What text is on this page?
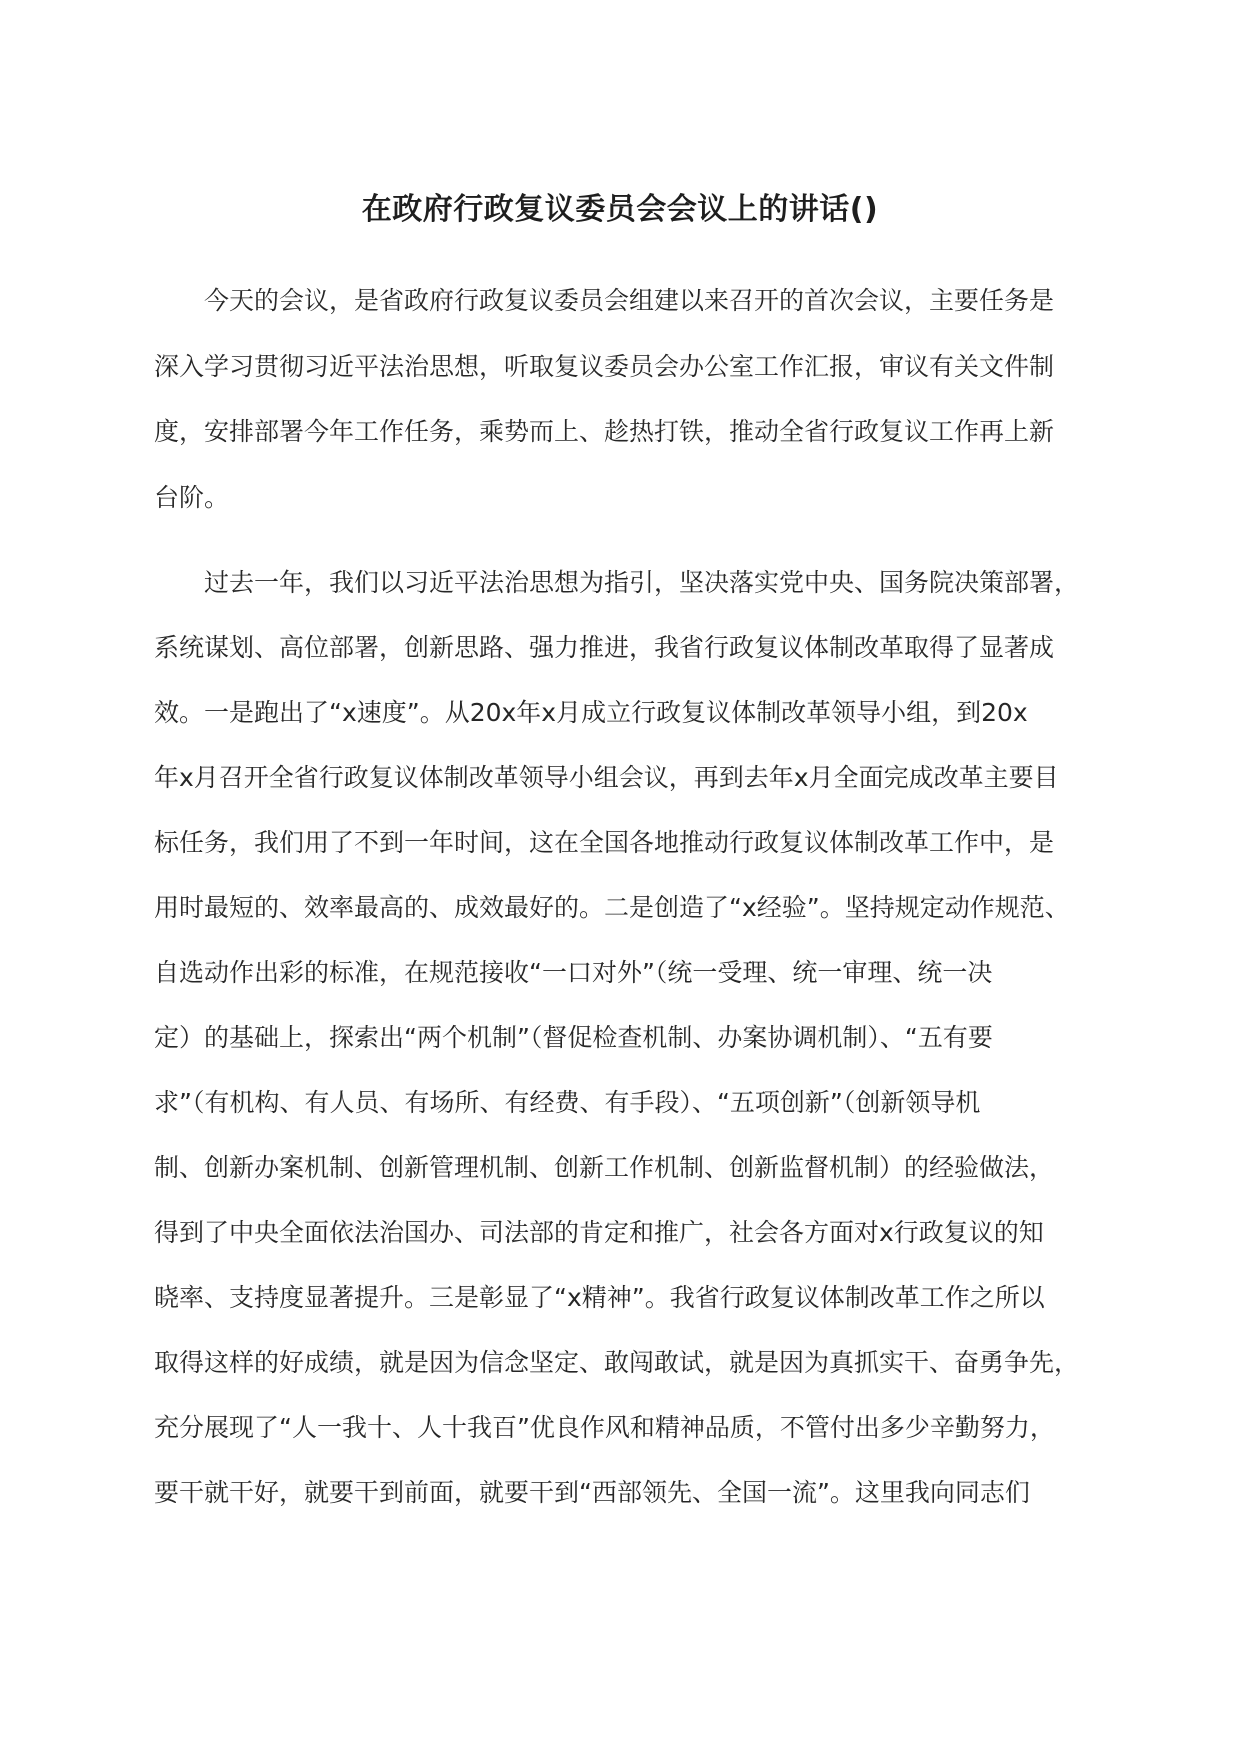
在政府行政复议委员会会议上的讲话()
今天的会议，是省政府行政复议委员会组建以来召开的首次会议，主要任务是
深入学习贯彻习近平法治思想，听取复议委员会办公室工作汇报，审议有关文件制
度，安排部署今年工作任务，乘势而上、趁热打铁，推动全省行政复议工作再上新
台阶。
过去一年，我们以习近平法治思想为指引，坚决落实党中央、国务院决策部署，
系统谋划、高位部署，创新思路、强力推进，我省行政复议体制改革取得了显著成
效。一是跑出了“x速度”。从20x年x月成立行政复议体制改革领导小组，到20x
年x月召开全省行政复议体制改革领导小组会议，再到去年x月全面完成改革主要目
标任务，我们用了不到一年时间，这在全国各地推动行政复议体制改革工作中，是
用时最短的、效率最高的、成效最好的。二是创造了“x经验”。坚持规定动作规范、
自选动作出彩的标准，在规范接收“一口对外”（统一受理、统一审理、统一决
定）的基础上，探索出“两个机制”（督促检查机制、办案协调机制）、“五有要
求”（有机构、有人员、有场所、有经费、有手段）、“五项创新”（创新领导机
制、创新办案机制、创新管理机制、创新工作机制、创新监督机制）的经验做法，
得到了中央全面依法治国办、司法部的肯定和推广，社会各方面对x行政复议的知
晓率、支持度显著提升。三是彰显了“x精神”。我省行政复议体制改革工作之所以
取得这样的好成绩，就是因为信念坚定、敢闯敢试，就是因为真抓实干、奋勇争先，
充分展现了“人一我十、人十我百”优良作风和精神品质，不管付出多少辛勤努力，
要干就干好，就要干到前面，就要干到“西部领先、全国一流”。这里我向同志们
